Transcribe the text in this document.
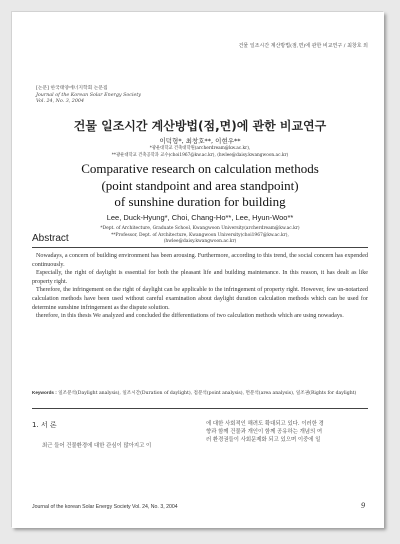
건물 일조시간 계산방법(점,면)에 관한 비교연구 / 최창호 외
[논문] 한국태양에너지학회 논문집
Journal of the Korean Solar Energy Society
Vol. 24, No. 3, 2004
건물 일조시간 계산방법(점,면)에 관한 비교연구
이덕형*, 최창호**, 이현우**
*광운대학교 건축대학원(archerdream@kw.ac.kr),
**광운대학교 건축공학과 교수(choi1967@kw.ac.kr), (hwlee@daisy.kwangwoon.ac.kr)
Comparative research on calculation methods
(point standpoint and area standpoint)
of sunshine duration for building
Lee, Duck-Hyung*, Choi, Chang-Ho**, Lee, Hyun-Woo**
*Dept. of Architecture, Graduate School, Kwangwoon University(archerdream@kw.ac.kr)
**Professor, Dept. of Architecture, Kwangwoon University(choi1967@kw.ac.kr),
(hwlee@daisy.kwangwoon.ac.kr)
Abstract

Nowadays, a concern of building environment has been arousing. Furthermore, according to this trend, the social concern has expended continuously.

Especially, the right of daylight is essential for both the pleasant life and building maintenance. In this reason, it has dealt as like property right.

Therefore, the infringement on the right of daylight can be applicable to the infringement of property right. However, few un-notarized calculation methods have been used without careful examination about daylight duration calculation methods which can be used for determine sunshine infringement as the dispute solution.

therefore, in this thesis We analyzed and concluded the differentiations of two calculation methods which are using nowadays.

Keywords : 일조분석(Daylight analysis), 일조시간(Duration of daylight), 점분석(point analysis), 면분석(area analysis), 일조권(Rights for daylight)
1. 서 론
최근 들어 건물환경에 대한 관심이 많아지고 이
에 대한 사회적인 해려도 확대되고 있다. 이러한 경
향과 함께 건물과 개인이 함께 공유하는 개념의 여
러 환경권들이 사회문제화 되고 있으며 이중에 일
Journal of the korean Solar Energy Society Vol. 24, No. 3, 2004	9
